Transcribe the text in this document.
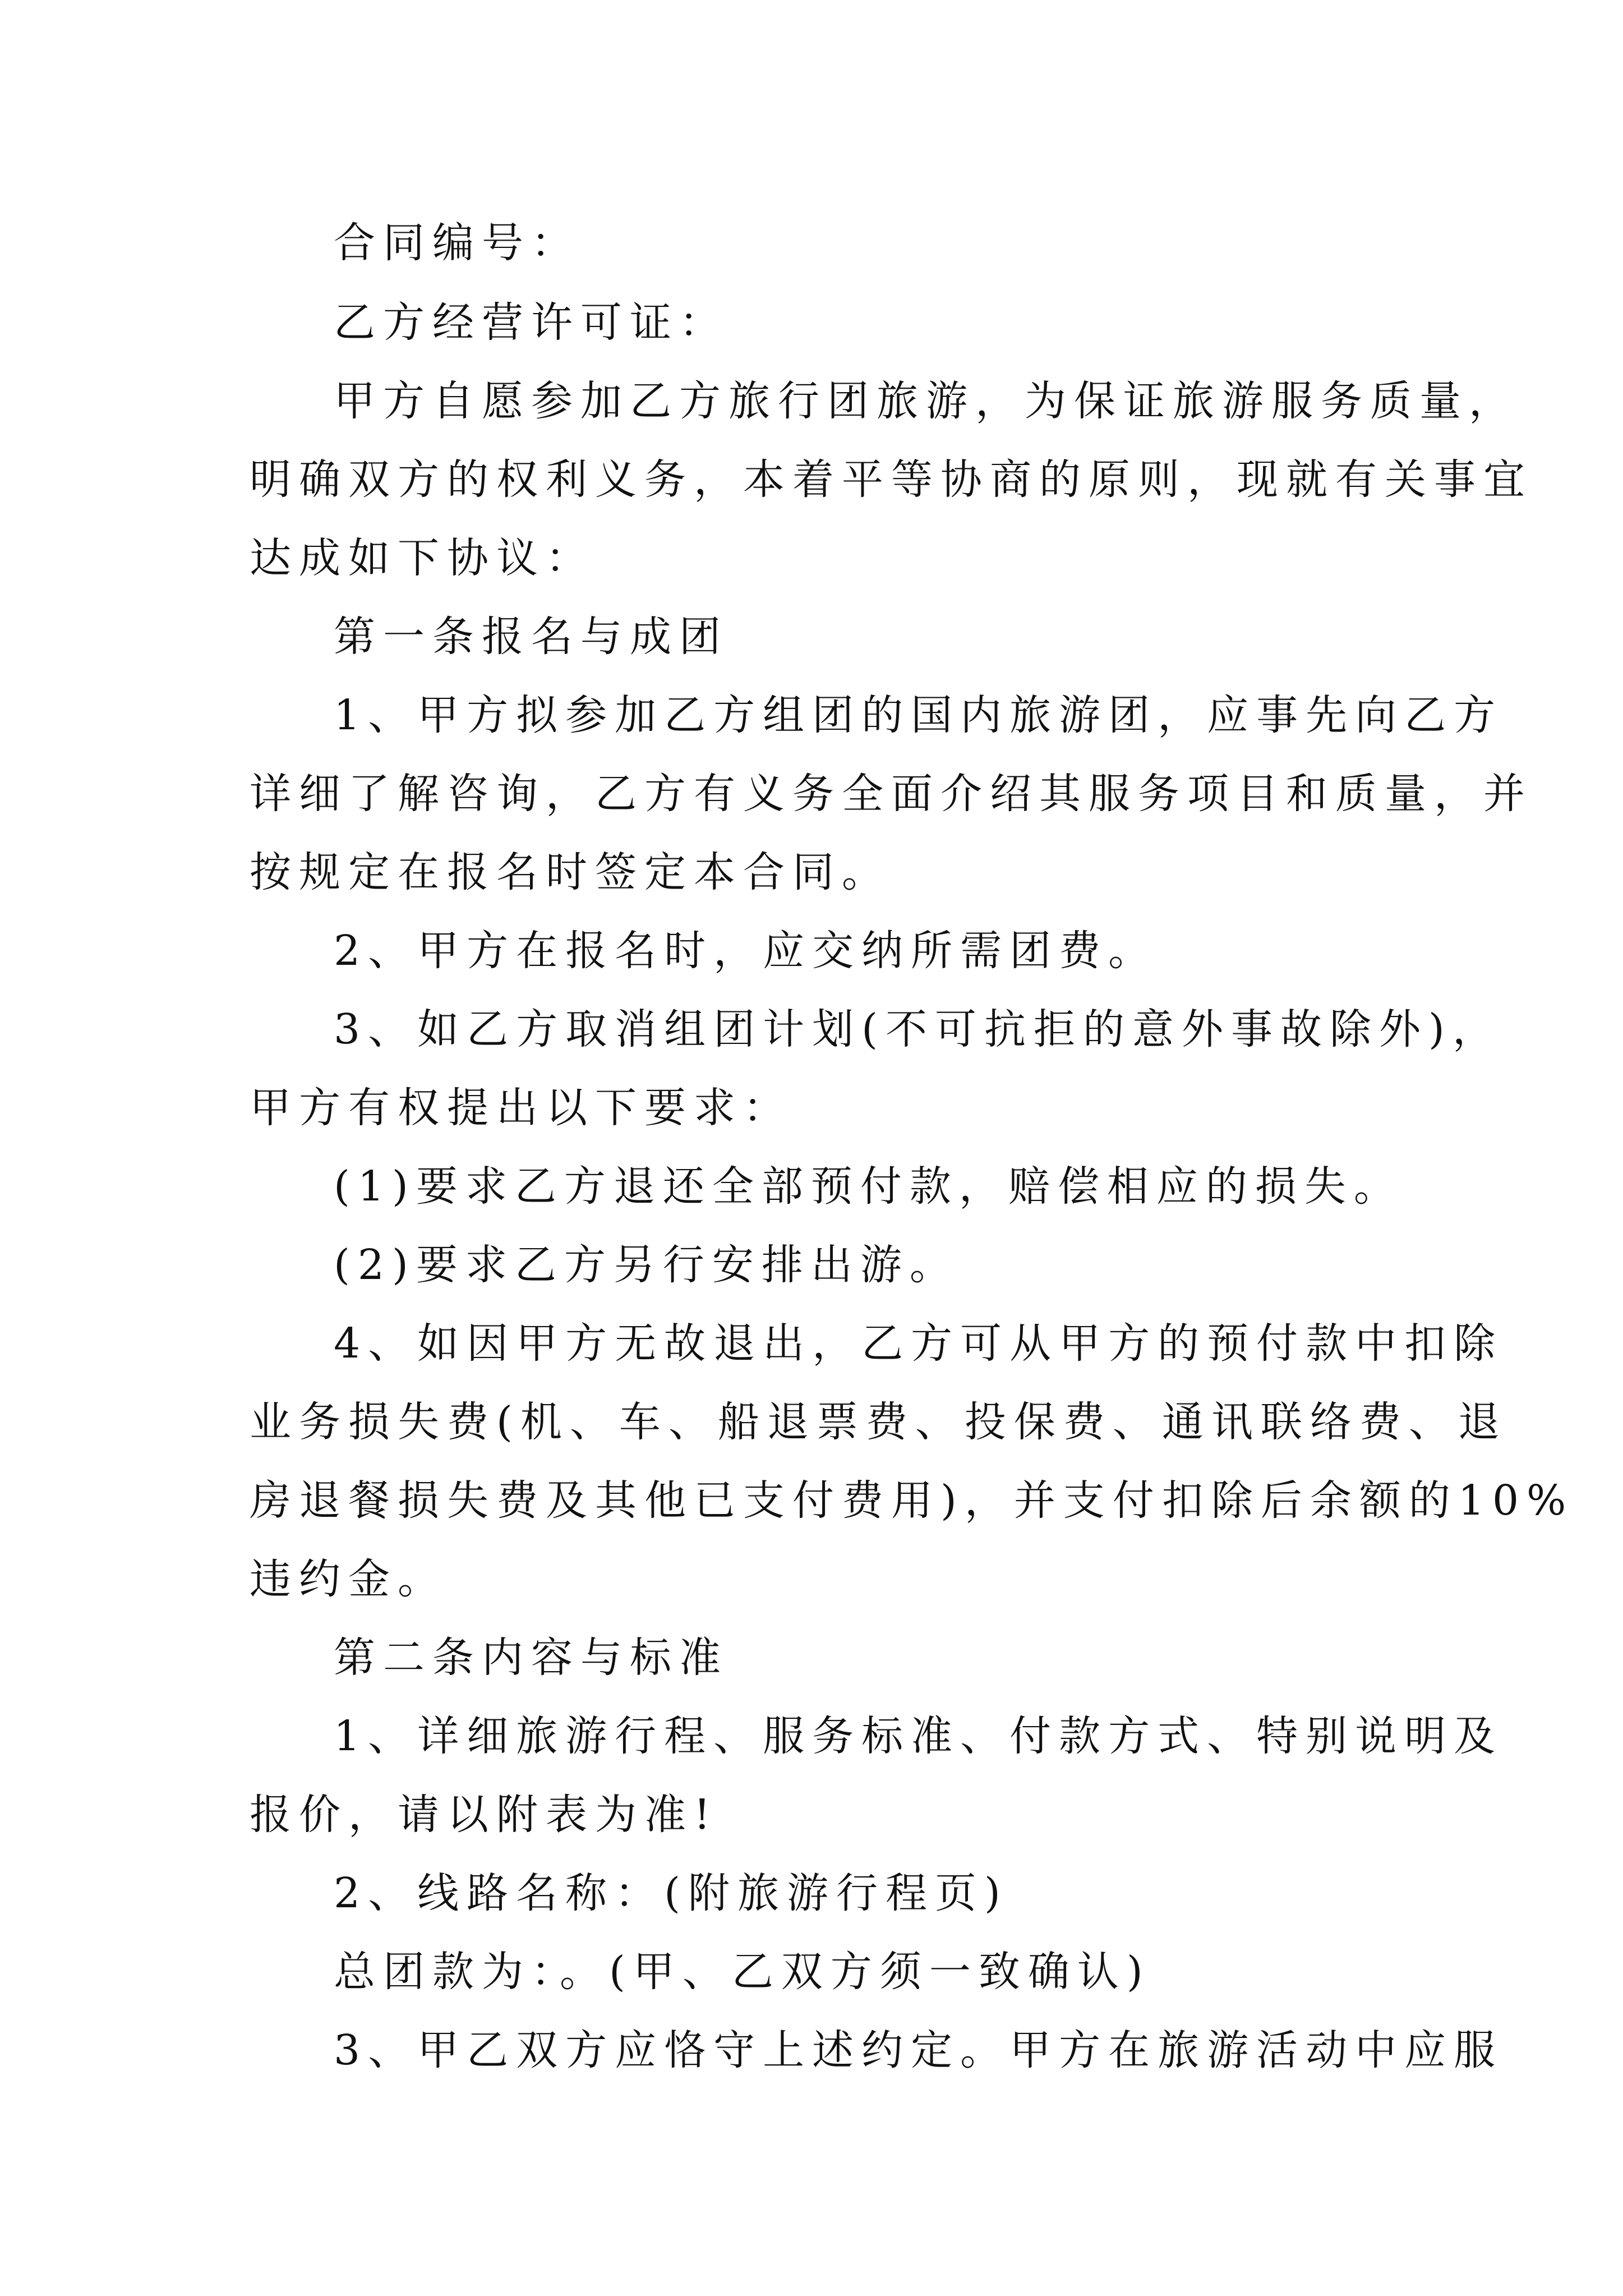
合同编号：

乙方经营许可证：

甲方自愿参加乙方旅行团旅游，为保证旅游服务质量，

明确双方的权利义务，本着平等协商的原则，现就有关事宜

达成如下协议：

第一条报名与成团

1、甲方拟参加乙方组团的国内旅游团，应事先向乙方

详细了解咨询，乙方有义务全面介绍其服务项目和质量，并

按规定在报名时签定本合同。

2、甲方在报名时，应交纳所需团费。

3、如乙方取消组团计划(不可抗拒的意外事故除外)，

甲方有权提出以下要求：

(1)要求乙方退还全部预付款，赔偿相应的损失。

(2)要求乙方另行安排出游。

4、如因甲方无故退出，乙方可从甲方的预付款中扣除

业务损失费(机、车、船退票费、投保费、通讯联络费、退

房退餐损失费及其他已支付费用)，并支付扣除后余额的10%

违约金。

第二条内容与标准

1、详细旅游行程、服务标准、付款方式、特别说明及

报价，请以附表为准!

2、线路名称：(附旅游行程页)

总团款为：。(甲、乙双方须一致确认)

3、甲乙双方应恪守上述约定。甲方在旅游活动中应服
